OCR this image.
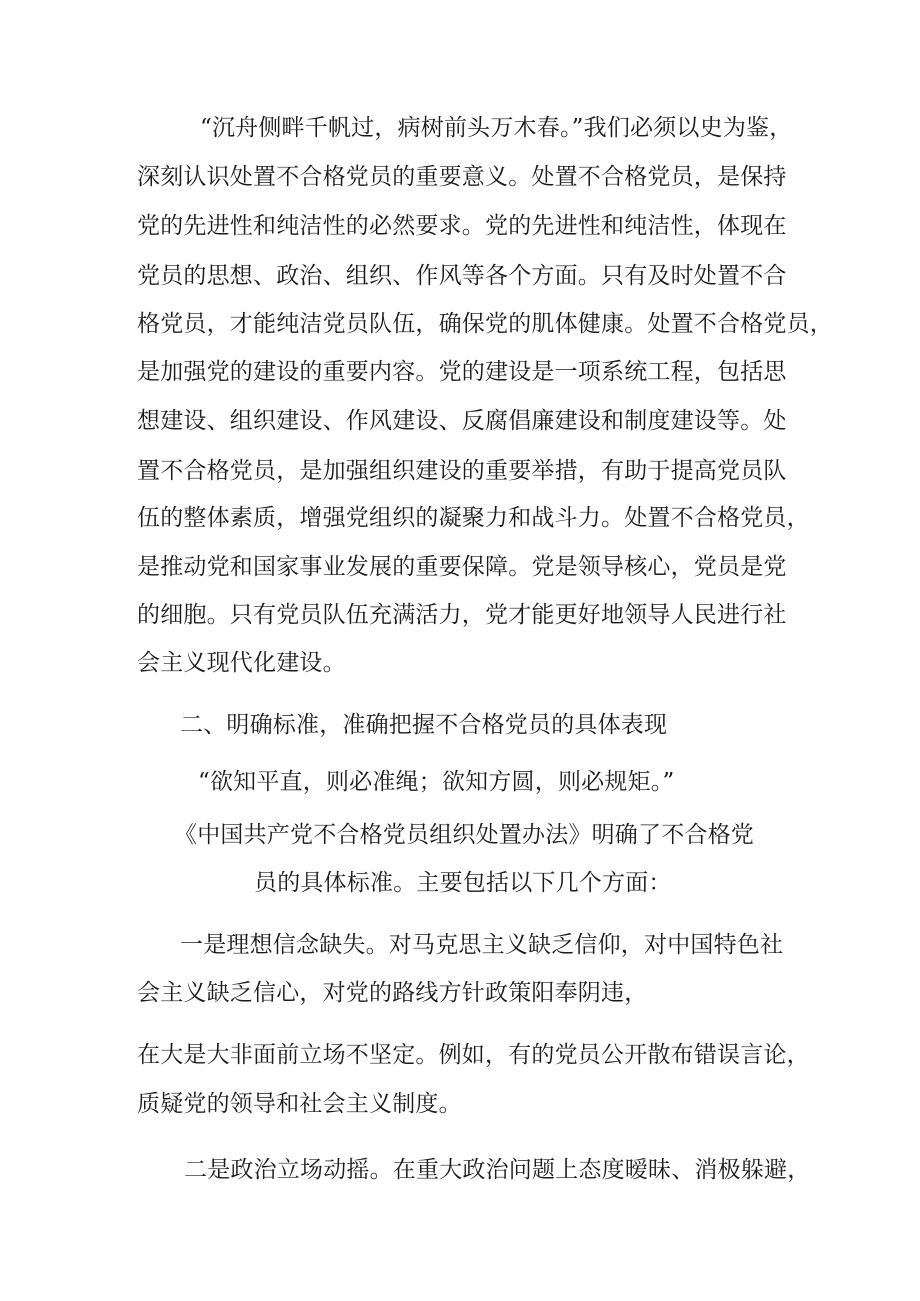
“沉舟侧畔千帆过，病树前头万木春。”我们必须以史为鉴，
深刻认识处置不合格党员的重要意义。处置不合格党员，是保持
党的先进性和纯洁性的必然要求。党的先进性和纯洁性，体现在
党员的思想、政治、组织、作风等各个方面。只有及时处置不合
格党员，才能纯洁党员队伍，确保党的肌体健康。处置不合格党员，
是加强党的建设的重要内容。党的建设是一项系统工程，包括思
想建设、组织建设、作风建设、反腐倡廉建设和制度建设等。处
置不合格党员，是加强组织建设的重要举措，有助于提高党员队
伍的整体素质，增强党组织的凝聚力和战斗力。处置不合格党员，
是推动党和国家事业发展的重要保障。党是领导核心，党员是党
的细胞。只有党员队伍充满活力，党才能更好地领导人民进行社
会主义现代化建设。
二、明确标准，准确把握不合格党员的具体表现
“欲知平直，则必准绳；欲知方圆，则必规矩。”
《中国共产党不合格党员组织处置办法》明确了不合格党
员的具体标准。主要包括以下几个方面：
一是理想信念缺失。对马克思主义缺乏信仰，对中国特色社
会主义缺乏信心，对党的路线方针政策阳奉阴违，
在大是大非面前立场不坚定。例如，有的党员公开散布错误言论，
质疑党的领导和社会主义制度。
二是政治立场动摇。在重大政治问题上态度暧昧、消极躲避，
